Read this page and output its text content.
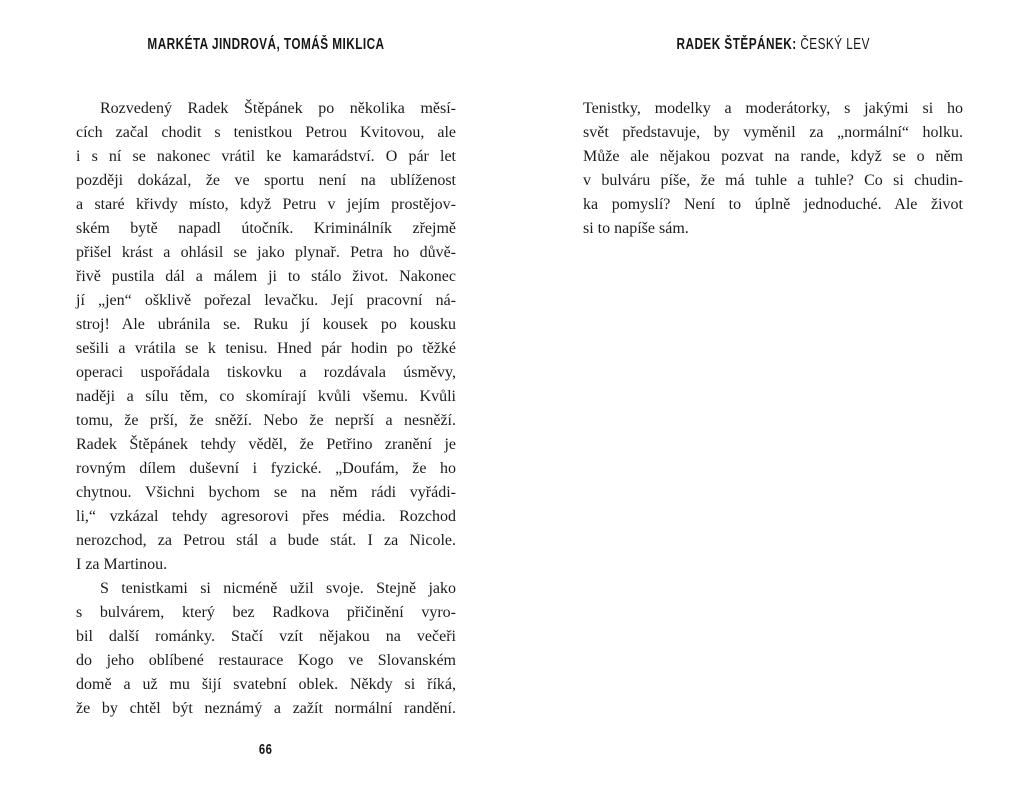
MARKÉTA JINDROVÁ, TOMÁŠ MIKLICA	RADEK ŠTĚPÁNEK: ČESKÝ LEV
Rozvedený Radek Štěpánek po několika měsí-
cích začal chodit s tenistkou Petrou Kvitovou, ale
i s ní se nakonec vrátil ke kamarádství. O pár let
později dokázal, že ve sportu není na ublíženost
a staré křivdy místo, když Petru v jejím prostějov-
ském bytě napadl útočník. Kriminálník zřejmě
přišel krást a ohlásil se jako plynař. Petra ho důvě-
řivě pustila dál a málem ji to stálo život. Nakonec
jí „jen“ ošklivě pořezal levačku. Její pracovní ná-
stroj! Ale ubránila se. Ruku jí kousek po kousku
sešili a vrátila se k tenisu. Hned pár hodin po těžké
operaci uspořádala tiskovku a rozdávala úsměvy,
naději a sílu těm, co skomírají kvůli všemu. Kvůli
tomu, že prší, že sněží. Nebo že neprší a nesněží.
Radek Štěpánek tehdy věděl, že Petřino zranění je
rovným dílem duševní i fyzické. „Doufám, že ho
chytnou. Všichni bychom se na něm rádi vyřádi-
li,“ vzkázal tehdy agresorovi přes média. Rozchod
nerozchod, za Petrou stál a bude stát. I za Nicole.
I za Martinou.
S tenistkami si nicméně užil svoje. Stejně jako
s bulvárem, který bez Radkova přičinění vyro-
bil další románky. Stačí vzít nějakou na večeři
do jeho oblíbené restaurace Kogo ve Slovanském
domě a už mu šijí svatební oblek. Někdy si říká,
že by chtěl být neznámý a zažít normální randění.
Tenistky, modelky a moderátorky, s jakými si ho
svět představuje, by vyměnil za „normální“ holku.
Může ale nějakou pozvat na rande, když se o něm
v bulváru píše, že má tuhle a tuhle? Co si chudin-
ka pomyslí? Není to úplně jednoduché. Ale život
si to napíše sám.
66
